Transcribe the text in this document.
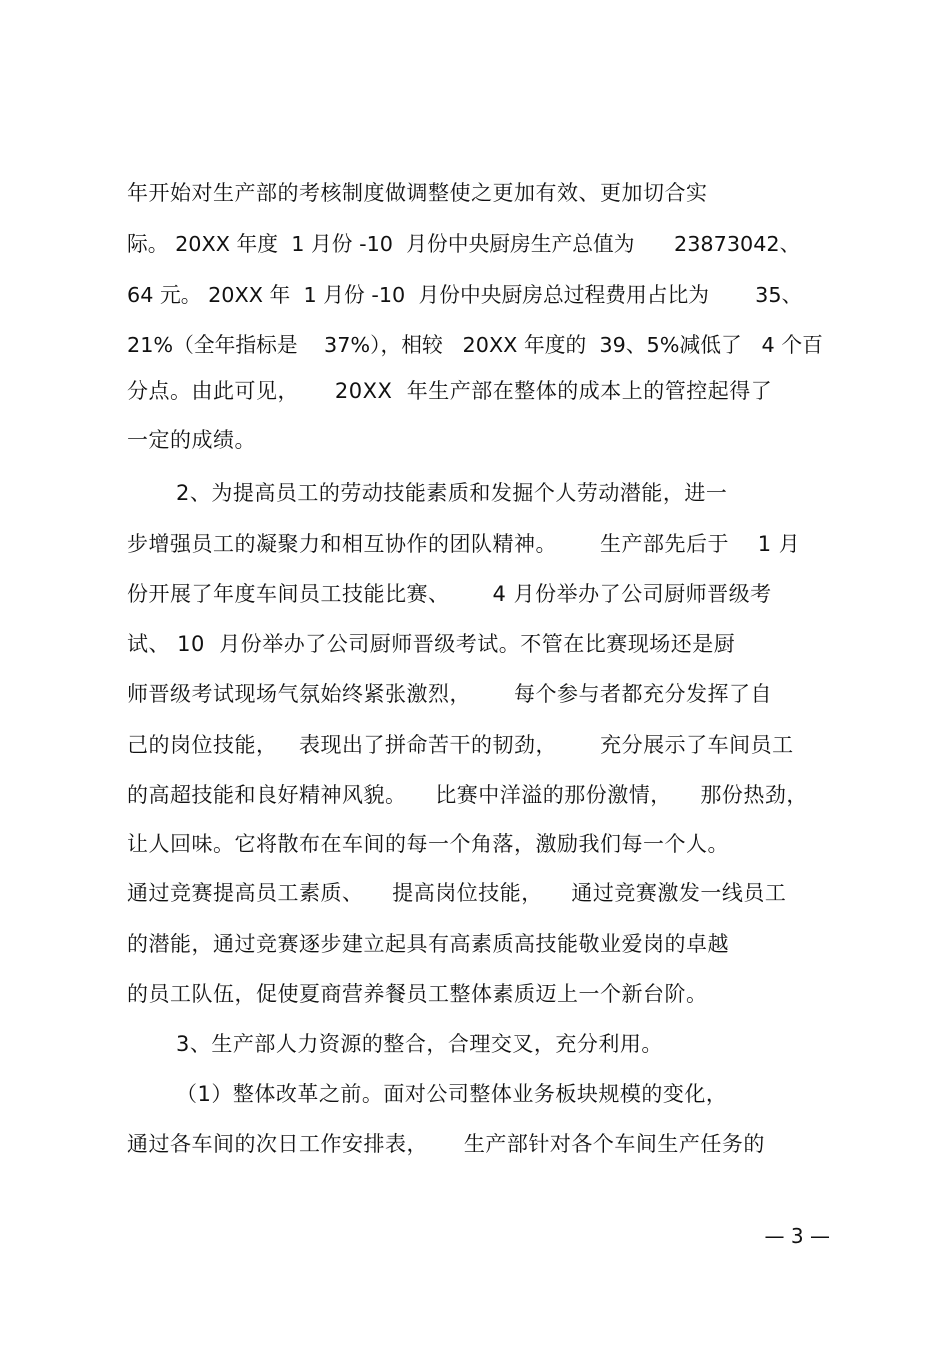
年开始对生产部的考核制度做调整使之更加有效、更加切合实
际。 20XX 年度  1 月份 -10  月份中央厨房生产总值为      23873042、
64 元。 20XX 年  1 月份 -10  月份中央厨房总过程费用占比为       35、
21%（全年指标是    37%），相较   20XX 年度的  39、5%减低了   4 个百
分点。由此可见，     20XX  年生产部在整体的成本上的管控起得了
一定的成绩。
2、为提高员工的劳动技能素质和发掘个人劳动潜能，进一
步增强员工的凝聚力和相互协作的团队精神。      生产部先后于    1 月
份开展了年度车间员工技能比赛、      4 月份举办了公司厨师晋级考
试、 10  月份举办了公司厨师晋级考试。不管在比赛现场还是厨
师晋级考试现场气氛始终紧张激烈，      每个参与者都充分发挥了自
己的岗位技能，   表现出了拼命苦干的韧劲，      充分展示了车间员工
的高超技能和良好精神风貌。    比赛中洋溢的那份激情，    那份热劲，
让人回味。它将散布在车间的每一个角落，激励我们每一个人。
通过竞赛提高员工素质、    提高岗位技能，    通过竞赛激发一线员工
的潜能，通过竞赛逐步建立起具有高素质高技能敬业爱岗的卓越
的员工队伍，促使夏商营养餐员工整体素质迈上一个新台阶。
3、生产部人力资源的整合，合理交叉，充分利用。
（1）整体改革之前。面对公司整体业务板块规模的变化，
通过各车间的次日工作安排表，     生产部针对各个车间生产任务的
— 3 —
